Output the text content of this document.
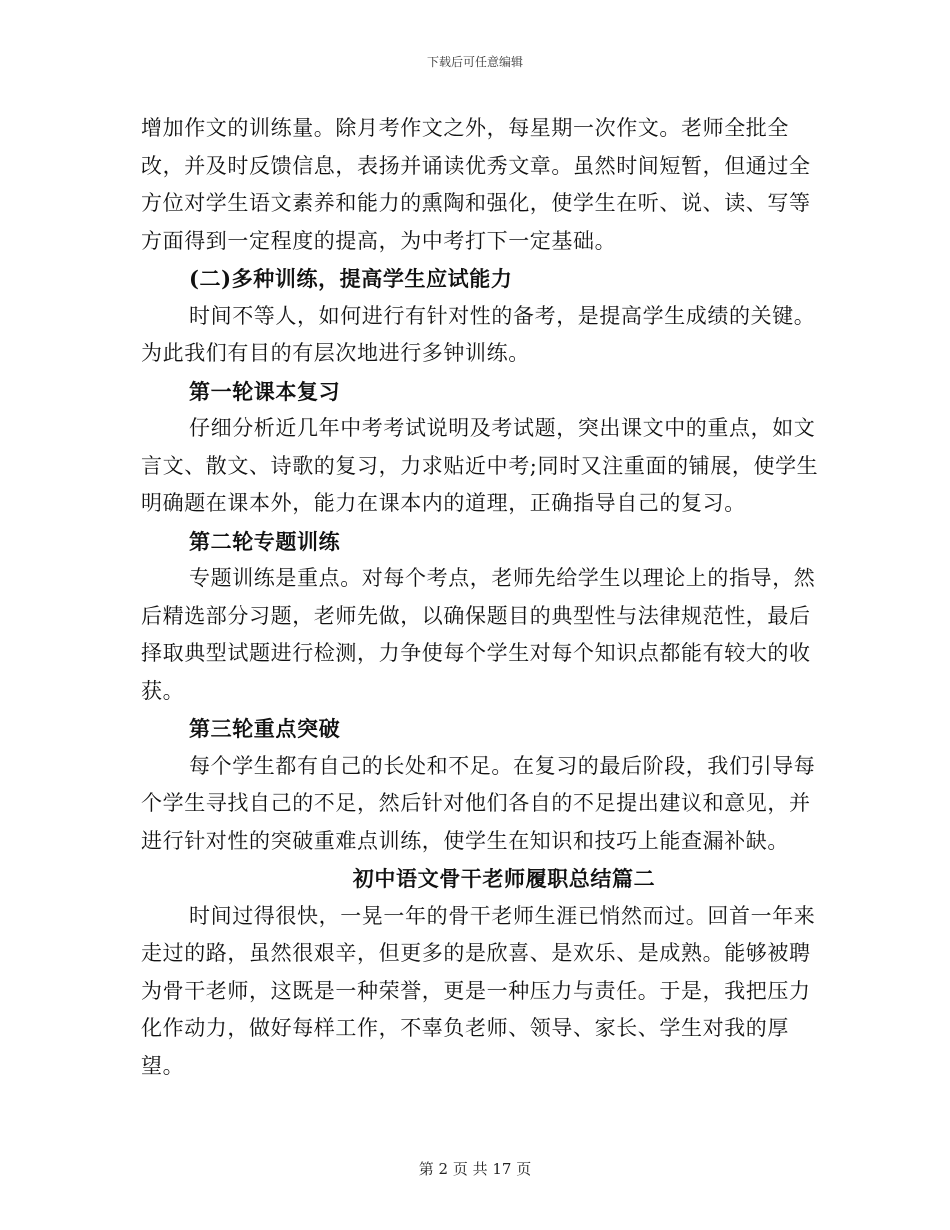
下载后可任意编辑

增加作文的训练量。除月考作文之外，每星期一次作文。老师全批全改，并及时反馈信息，表扬并诵读优秀文章。虽然时间短暂，但通过全方位对学生语文素养和能力的熏陶和强化，使学生在听、说、读、写等方面得到一定程度的提高，为中考打下一定基础。

(二)多种训练，提高学生应试能力

时间不等人，如何进行有针对性的备考，是提高学生成绩的关键。为此我们有目的有层次地进行多钟训练。

第一轮课本复习

仔细分析近几年中考考试说明及考试题，突出课文中的重点，如文言文、散文、诗歌的复习，力求贴近中考;同时又注重面的铺展，使学生明确题在课本外，能力在课本内的道理，正确指导自己的复习。

第二轮专题训练

专题训练是重点。对每个考点，老师先给学生以理论上的指导，然后精选部分习题，老师先做，以确保题目的典型性与法律规范性，最后择取典型试题进行检测，力争使每个学生对每个知识点都能有较大的收获。

第三轮重点突破

每个学生都有自己的长处和不足。在复习的最后阶段，我们引导每个学生寻找自己的不足，然后针对他们各自的不足提出建议和意见，并进行针对性的突破重难点训练，使学生在知识和技巧上能查漏补缺。

初中语文骨干老师履职总结篇二

时间过得很快，一晃一年的骨干老师生涯已悄然而过。回首一年来走过的路，虽然很艰辛，但更多的是欣喜、是欢乐、是成熟。能够被聘为骨干老师，这既是一种荣誉，更是一种压力与责任。于是，我把压力化作动力，做好每样工作，不辜负老师、领导、家长、学生对我的厚望。

第 2 页 共 17 页
